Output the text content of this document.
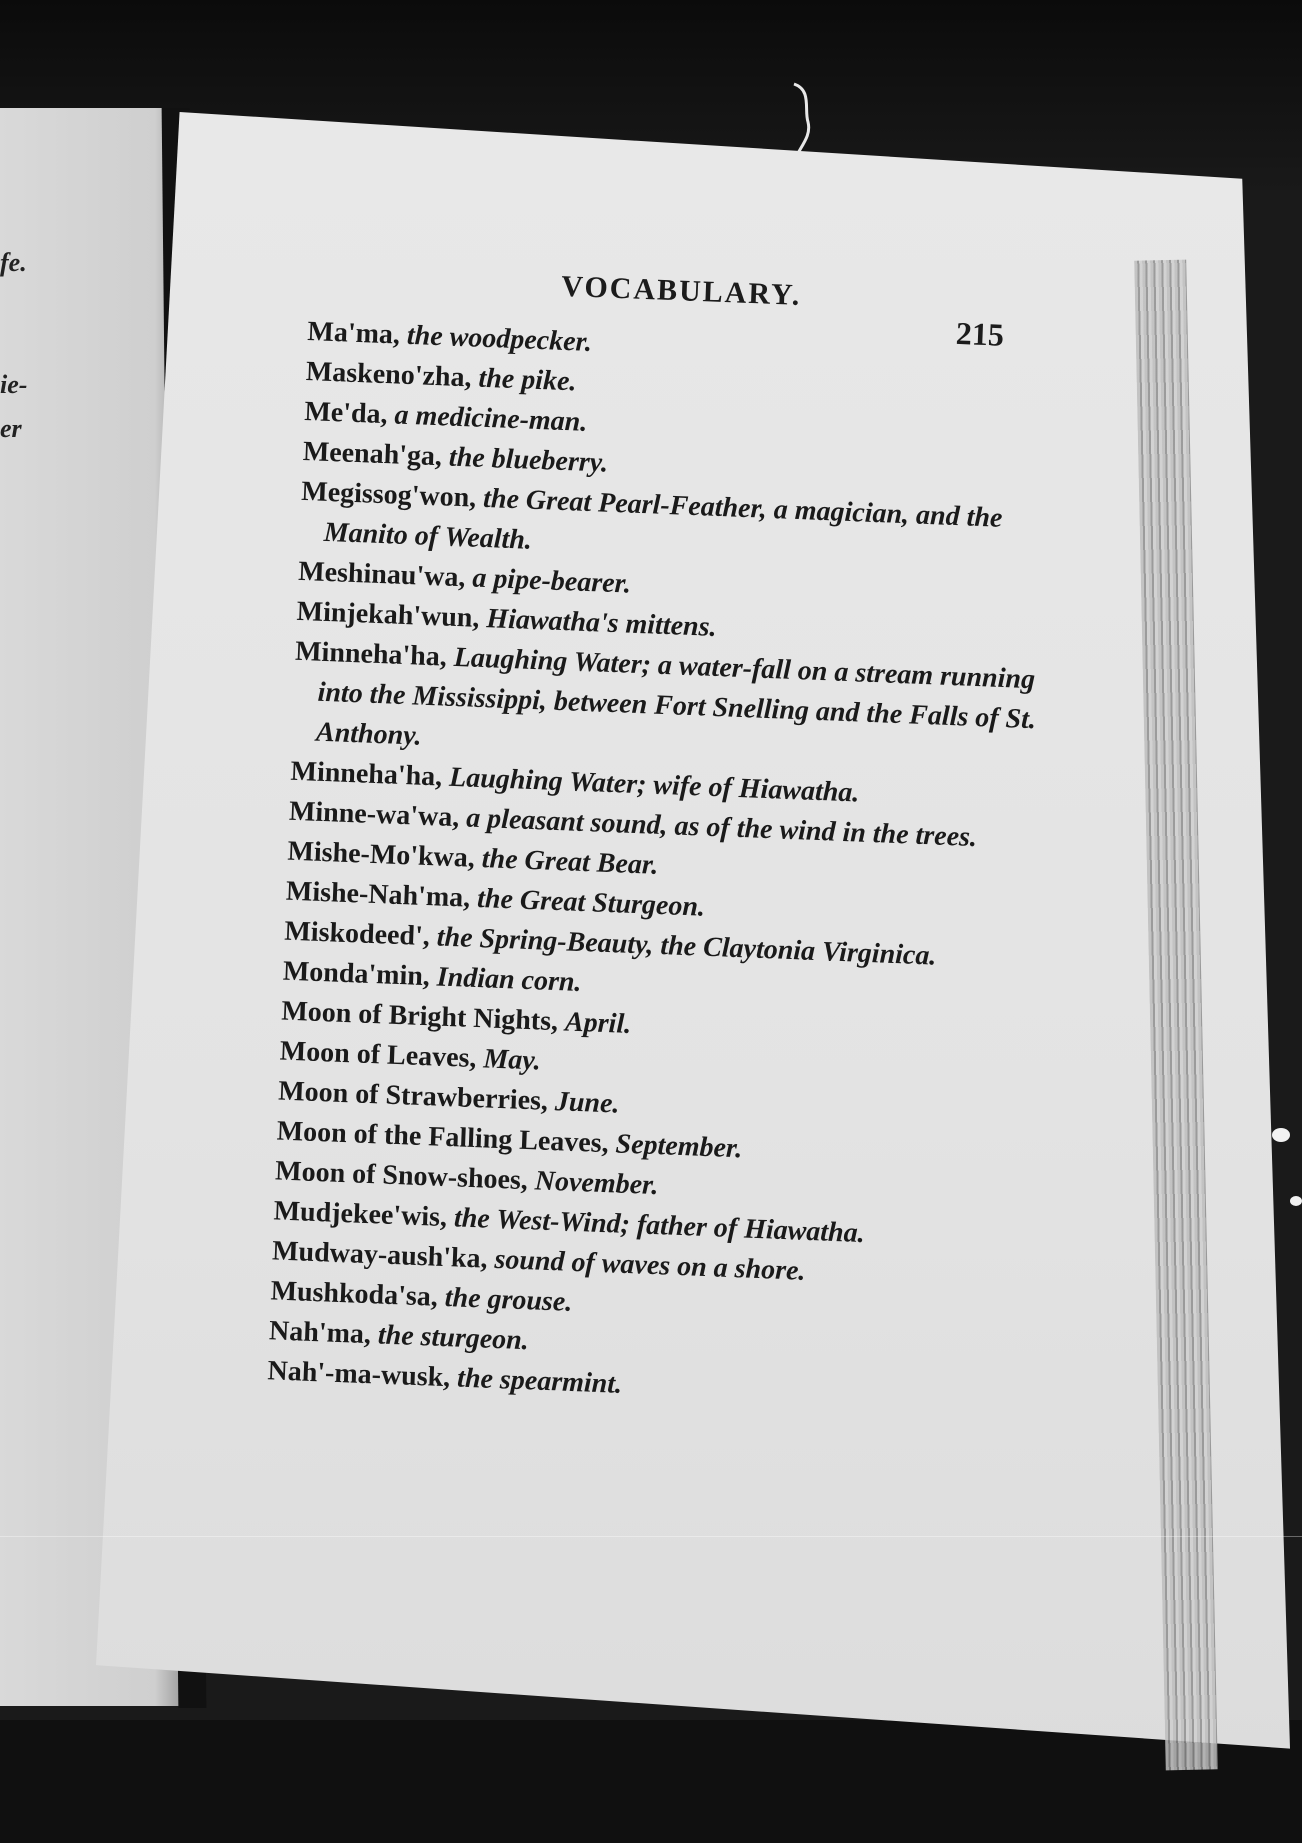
fe.
ie-
er
VOCABULARY.
215
Ma'ma, the woodpecker.
Maskeno'zha, the pike.
Me'da, a medicine-man.
Meenah'ga, the blueberry.
Megissog'won, the Great Pearl-Feather, a magician, and the Manito of Wealth.
Meshinau'wa, a pipe-bearer.
Minjekah'wun, Hiawatha's mittens.
Minneha'ha, Laughing Water; a water-fall on a stream running into the Mississippi, between Fort Snelling and the Falls of St. Anthony.
Minneha'ha, Laughing Water; wife of Hiawatha.
Minne-wa'wa, a pleasant sound, as of the wind in the trees.
Mishe-Mo'kwa, the Great Bear.
Mishe-Nah'ma, the Great Sturgeon.
Miskodeed', the Spring-Beauty, the Claytonia Virginica.
Monda'min, Indian corn.
Moon of Bright Nights, April.
Moon of Leaves, May.
Moon of Strawberries, June.
Moon of the Falling Leaves, September.
Moon of Snow-shoes, November.
Mudjekee'wis, the West-Wind; father of Hiawatha.
Mudway-aush'ka, sound of waves on a shore.
Mushkoda'sa, the grouse.
Nah'ma, the sturgeon.
Nah'-ma-wusk, the spearmint.
